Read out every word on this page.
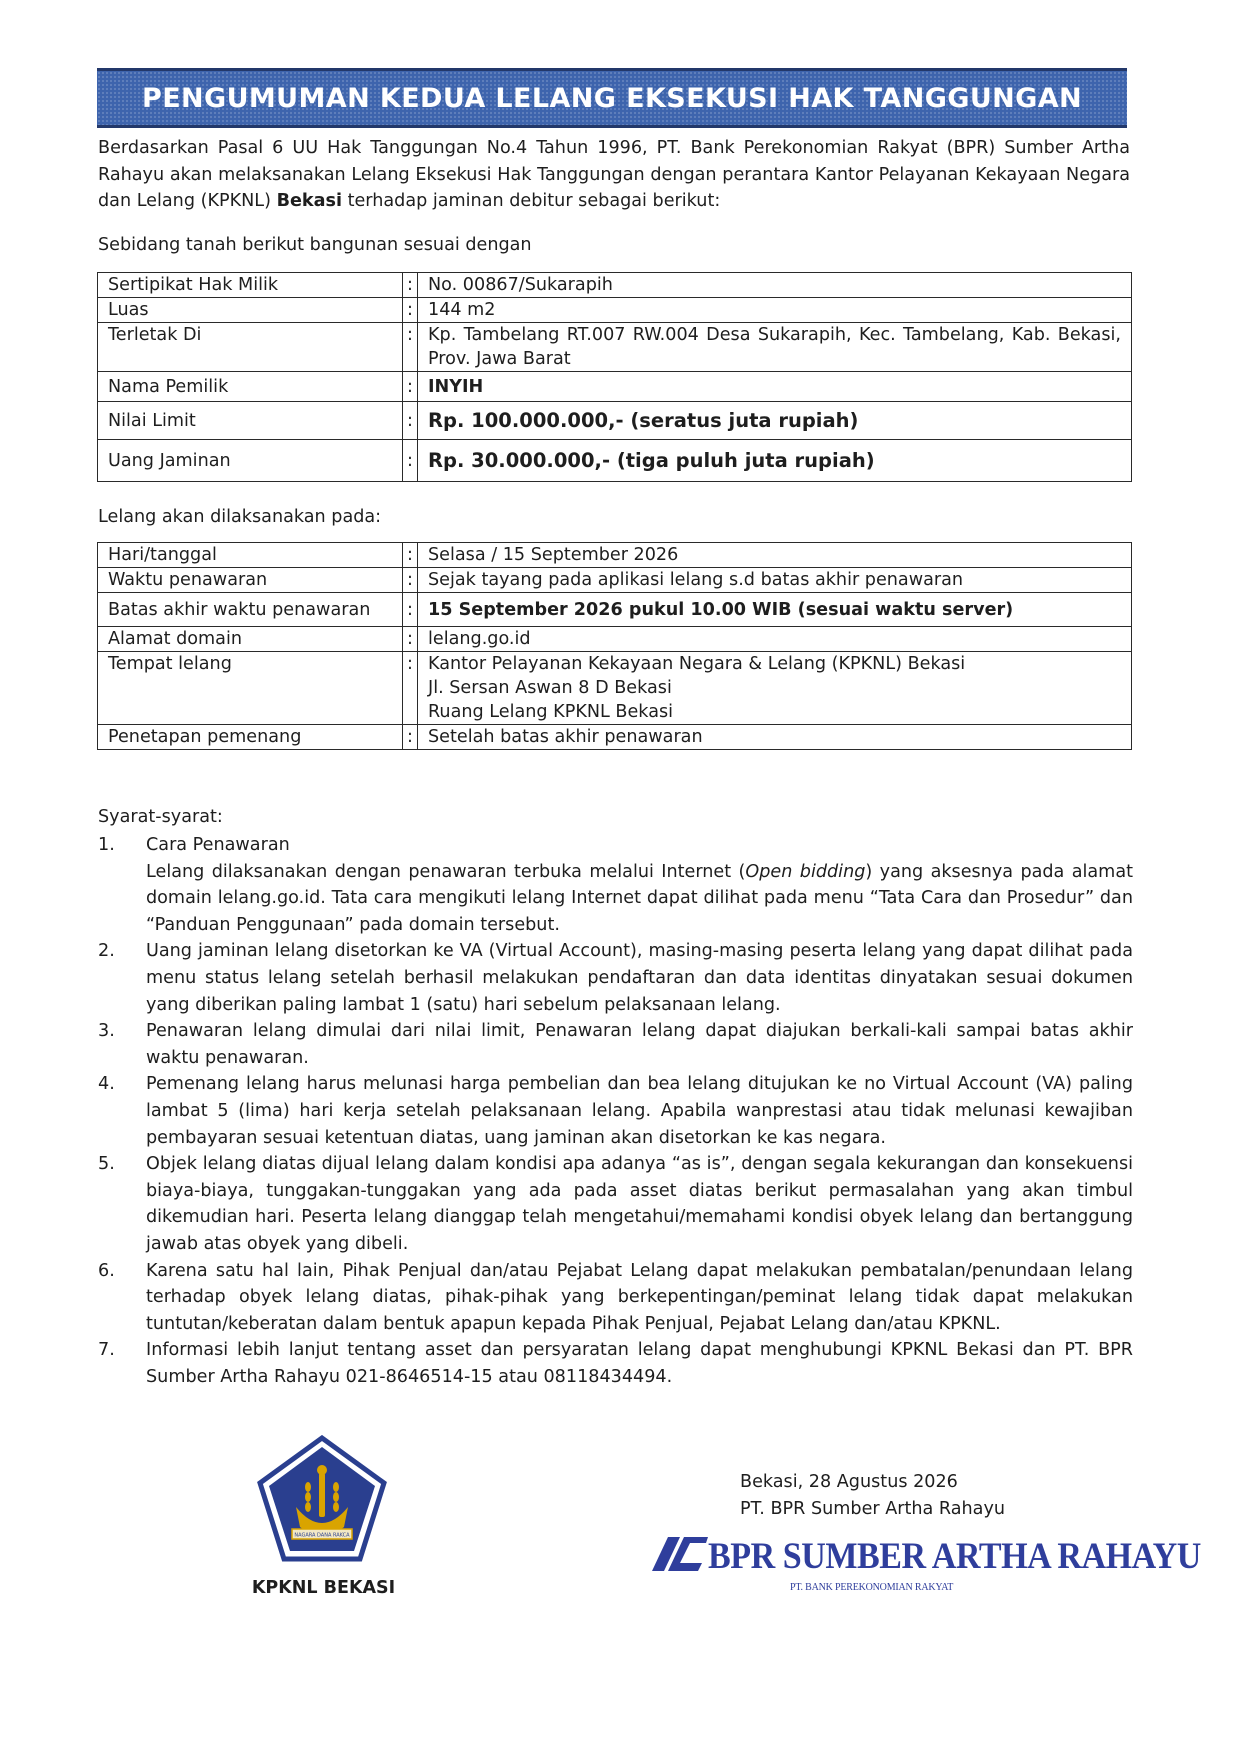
PENGUMUMAN KEDUA LELANG EKSEKUSI HAK TANGGUNGAN

Berdasarkan Pasal 6 UU Hak Tanggungan No.4 Tahun 1996, PT. Bank Perekonomian Rakyat (BPR) Sumber Artha Rahayu akan melaksanakan Lelang Eksekusi Hak Tanggungan dengan perantara Kantor Pelayanan Kekayaan Negara dan Lelang (KPKNL) Bekasi terhadap jaminan debitur sebagai berikut:

Sebidang tanah berikut bangunan sesuai dengan

Sertipikat Hak Milik	:	No. 00867/Sukarapih
Luas	:	144 m2
Terletak Di	:	Kp. Tambelang RT.007 RW.004 Desa Sukarapih, Kec. Tambelang, Kab. Bekasi, Prov. Jawa Barat
Nama Pemilik	:	INYIH
Nilai Limit	:	Rp. 100.000.000,- (seratus juta rupiah)
Uang Jaminan	:	Rp. 30.000.000,- (tiga puluh juta rupiah)

Lelang akan dilaksanakan pada:

Hari/tanggal	:	Selasa / 15 September 2026
Waktu penawaran	:	Sejak tayang pada aplikasi lelang s.d batas akhir penawaran
Batas akhir waktu penawaran	:	15 September 2026 pukul 10.00 WIB (sesuai waktu server)
Alamat domain	:	lelang.go.id
Tempat lelang	:	Kantor Pelayanan Kekayaan Negara & Lelang (KPKNL) Bekasi
Jl. Sersan Aswan 8 D Bekasi
Ruang Lelang KPKNL Bekasi

Penetapan pemenang	:	Setelah batas akhir penawaran

Syarat-syarat:

1.	Cara Penawaran

Lelang dilaksanakan dengan penawaran terbuka melalui Internet (Open bidding) yang aksesnya pada alamat domain lelang.go.id. Tata cara mengikuti lelang Internet dapat dilihat pada menu “Tata Cara dan Prosedur” dan “Panduan Penggunaan” pada domain tersebut.

2.	Uang jaminan lelang disetorkan ke VA (Virtual Account), masing-masing peserta lelang yang dapat dilihat pada menu status lelang setelah berhasil melakukan pendaftaran dan data identitas dinyatakan sesuai dokumen yang diberikan paling lambat 1 (satu) hari sebelum pelaksanaan lelang.
3.	Penawaran lelang dimulai dari nilai limit, Penawaran lelang dapat diajukan berkali-kali sampai batas akhir waktu penawaran.
4.	Pemenang lelang harus melunasi harga pembelian dan bea lelang ditujukan ke no Virtual Account (VA) paling lambat 5 (lima) hari kerja setelah pelaksanaan lelang. Apabila wanprestasi atau tidak melunasi kewajiban pembayaran sesuai ketentuan diatas, uang jaminan akan disetorkan ke kas negara.
5.	Objek lelang diatas dijual lelang dalam kondisi apa adanya “as is”, dengan segala kekurangan dan konsekuensi biaya-biaya, tunggakan-tunggakan yang ada pada asset diatas berikut permasalahan yang akan timbul dikemudian hari. Peserta lelang dianggap telah mengetahui/memahami kondisi obyek lelang dan bertanggung jawab atas obyek yang dibeli.
6.	Karena satu hal lain, Pihak Penjual dan/atau Pejabat Lelang dapat melakukan pembatalan/penundaan lelang terhadap obyek lelang diatas, pihak-pihak yang berkepentingan/peminat lelang tidak dapat melakukan tuntutan/keberatan dalam bentuk apapun kepada Pihak Penjual, Pejabat Lelang dan/atau KPKNL.
7.	Informasi lebih lanjut tentang asset dan persyaratan lelang dapat menghubungi KPKNL Bekasi dan PT. BPR Sumber Artha Rahayu 021-8646514-15 atau 08118434494.
Bekasi, 28 Agustus 2026
PT. BPR Sumber Artha Rahayu
NAGARA DANA RAKCA
KPKNL BEKASI
BPR SUMBER ARTHA RAHAYU
PT. BANK PEREKONOMIAN RAKYAT
